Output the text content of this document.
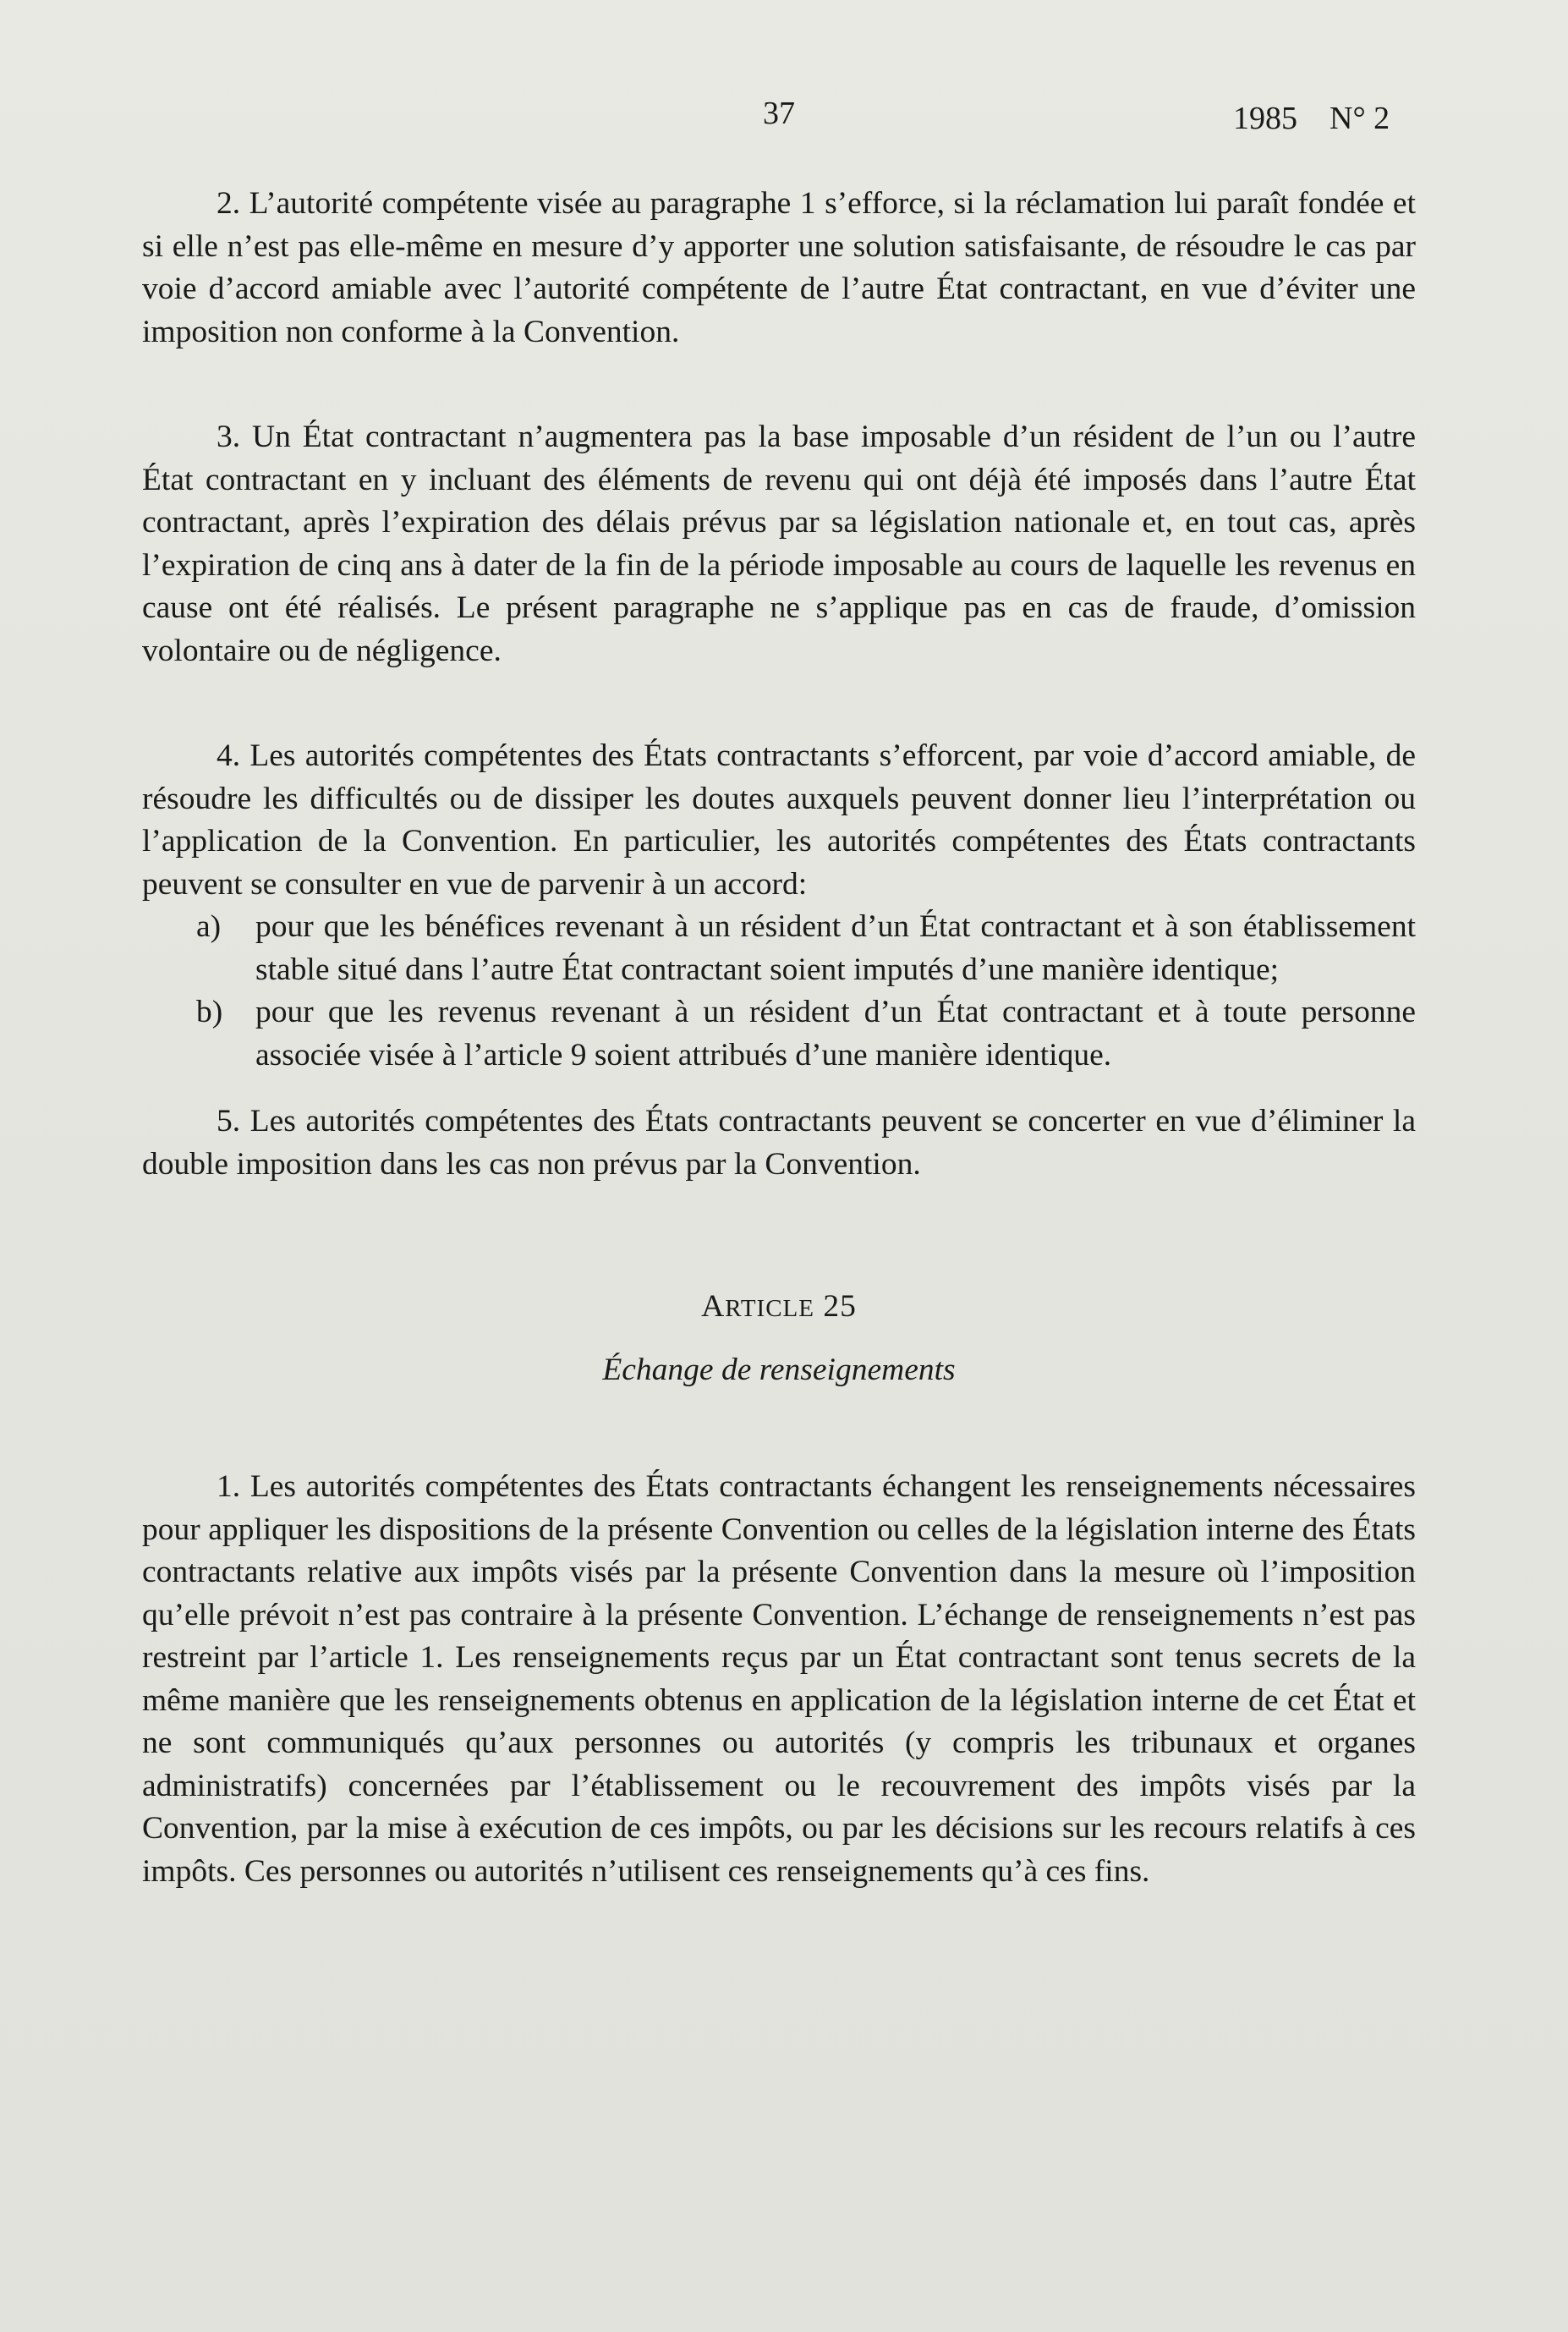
37	1985    N° 2

2. L’autorité compétente visée au paragraphe 1 s’efforce, si la réclamation lui paraît fondée et si elle n’est pas elle-même en mesure d’y apporter une solution satisfaisante, de résoudre le cas par voie d’accord amiable avec l’autorité compétente de l’autre État contractant, en vue d’éviter une imposition non conforme à la Convention.

3. Un État contractant n’augmentera pas la base imposable d’un résident de l’un ou l’autre État contractant en y incluant des éléments de revenu qui ont déjà été imposés dans l’autre État contractant, après l’expiration des délais prévus par sa législation nationale et, en tout cas, après l’expiration de cinq ans à dater de la fin de la période imposable au cours de laquelle les revenus en cause ont été réalisés. Le présent paragraphe ne s’applique pas en cas de fraude, d’omission volontaire ou de négligence.

4. Les autorités compétentes des États contractants s’efforcent, par voie d’accord amiable, de résoudre les difficultés ou de dissiper les doutes auxquels peuvent donner lieu l’interprétation ou l’application de la Convention. En particulier, les autorités compétentes des États contractants peuvent se consulter en vue de parvenir à un accord:

a) pour que les bénéfices revenant à un résident d’un État contractant et à son établissement stable situé dans l’autre État contractant soient imputés d’une manière identique;

b) pour que les revenus revenant à un résident d’un État contractant et à toute personne associée visée à l’article 9 soient attribués d’une manière identique.

5. Les autorités compétentes des États contractants peuvent se concerter en vue d’éliminer la double imposition dans les cas non prévus par la Convention.

ARTICLE 25

Échange de renseignements

1. Les autorités compétentes des États contractants échangent les renseignements nécessaires pour appliquer les dispositions de la présente Convention ou celles de la législation interne des États contractants relative aux impôts visés par la présente Convention dans la mesure où l’imposition qu’elle prévoit n’est pas contraire à la présente Convention. L’échange de renseignements n’est pas restreint par l’article 1. Les renseignements reçus par un État contractant sont tenus secrets de la même manière que les renseignements obtenus en application de la législation interne de cet État et ne sont communiqués qu’aux personnes ou autorités (y compris les tribunaux et organes administratifs) concernées par l’établissement ou le recouvrement des impôts visés par la Convention, par la mise à exécution de ces impôts, ou par les décisions sur les recours relatifs à ces impôts. Ces personnes ou autorités n’utilisent ces renseignements qu’à ces fins.
